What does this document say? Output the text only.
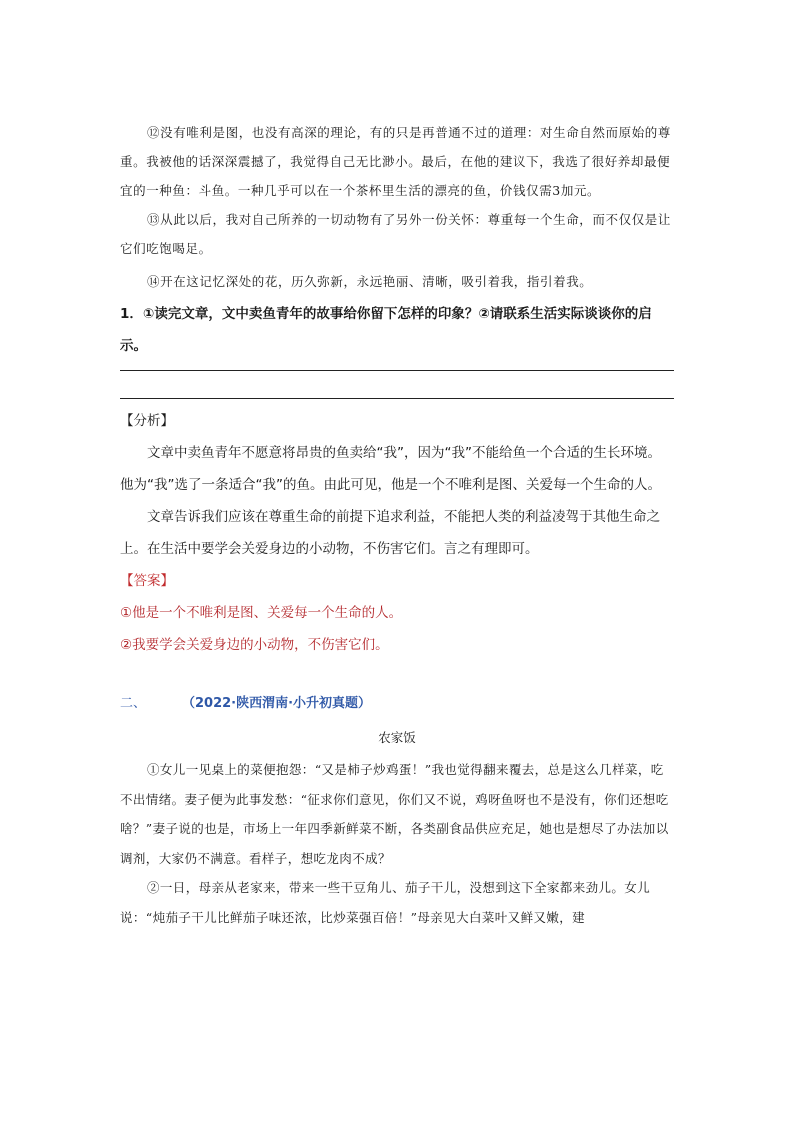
⑫没有唯利是图，也没有高深的理论，有的只是再普通不过的道理：对生命自然而原始的尊重。我被他的话深深震撼了，我觉得自己无比渺小。最后，在他的建议下，我选了很好养却最便宜的一种鱼：斗鱼。一种几乎可以在一个茶杯里生活的漂亮的鱼，价钱仅需3加元。

⑬从此以后，我对自己所养的一切动物有了另外一份关怀：尊重每一个生命，而不仅仅是让它们吃饱喝足。

⑭开在这记忆深处的花，历久弥新，永远艳丽、清晰，吸引着我，指引着我。

1．①读完文章，文中卖鱼青年的故事给你留下怎样的印象？②请联系生活实际谈谈你的启示。

【分析】

文章中卖鱼青年不愿意将昂贵的鱼卖给“我”，因为“我”不能给鱼一个合适的生长环境。他为“我”选了一条适合“我”的鱼。由此可见，他是一个不唯利是图、关爱每一个生命的人。

文章告诉我们应该在尊重生命的前提下追求利益，不能把人类的利益凌驾于其他生命之上。在生活中要学会关爱身边的小动物，不伤害它们。言之有理即可。

【答案】

①他是一个不唯利是图、关爱每一个生命的人。

②我要学会关爱身边的小动物，不伤害它们。

二、	（2022·陕西渭南·小升初真题）

农家饭

①女儿一见桌上的菜便抱怨：“又是柿子炒鸡蛋！”我也觉得翻来覆去，总是这么几样菜，吃不出情绪。妻子便为此事发愁：“征求你们意见，你们又不说，鸡呀鱼呀也不是没有，你们还想吃啥？”妻子说的也是，市场上一年四季新鲜菜不断，各类副食品供应充足，她也是想尽了办法加以调剂，大家仍不满意。看样子，想吃龙肉不成？

②一日，母亲从老家来，带来一些干豆角儿、茄子干儿，没想到这下全家都来劲儿。女儿说：“炖茄子干儿比鲜茄子味还浓，比炒菜强百倍！”母亲见大白菜叶又鲜又嫩，建
